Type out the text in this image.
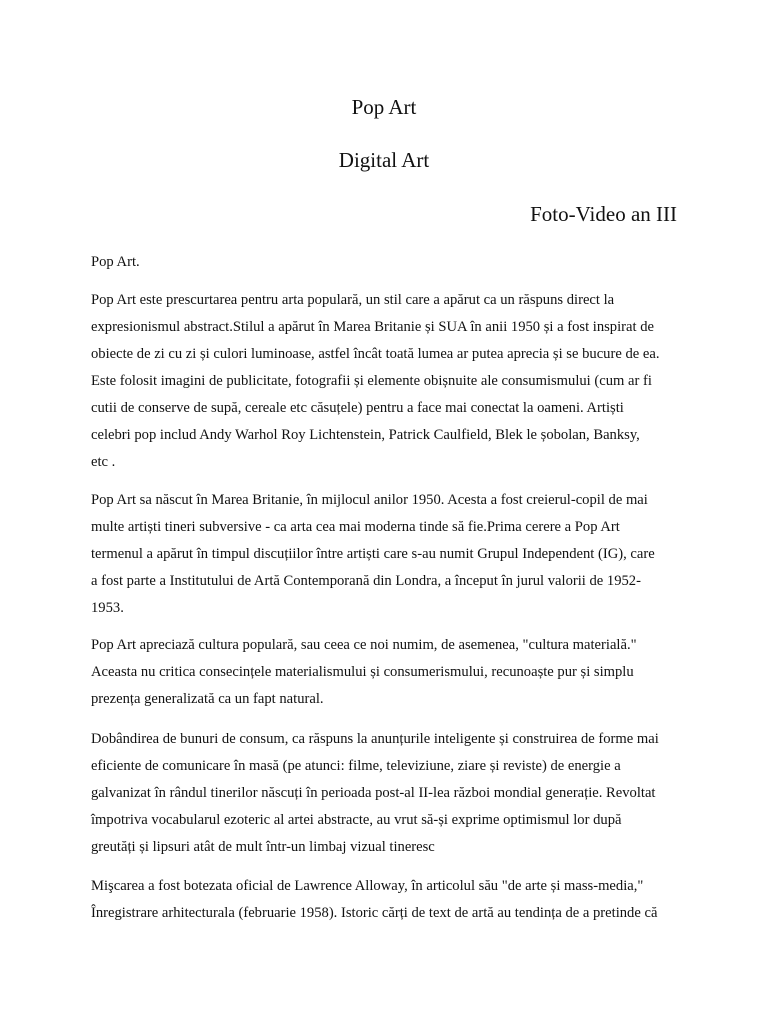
Pop Art
Digital Art
Foto-Video an III

Pop Art.

Pop Art este prescurtarea pentru arta populară, un stil care a apărut ca un răspuns direct la
expresionismul abstract.Stilul a apărut în Marea Britanie și SUA în anii 1950 și a fost inspirat de
obiecte de zi cu zi și culori luminoase, astfel încât toată lumea ar putea aprecia și se bucure de ea.
Este folosit imagini de publicitate, fotografii și elemente obișnuite ale consumismului (cum ar fi
cutii de conserve de supă, cereale etc căsuțele) pentru a face mai conectat la oameni. Artiști
celebri pop includ Andy Warhol Roy Lichtenstein, Patrick Caulfield, Blek le șobolan, Banksy,
etc .

Pop Art sa născut în Marea Britanie, în mijlocul anilor 1950. Acesta a fost creierul-copil de mai
multe artiști tineri subversive - ca arta cea mai moderna tinde să fie.Prima cerere a Pop Art
termenul a apărut în timpul discuțiilor între artiști care s-au numit Grupul Independent (IG), care
a fost parte a Institutului de Artă Contemporană din Londra, a început în jurul valorii de 1952-
1953.

Pop Art apreciază cultura populară, sau ceea ce noi numim, de asemenea, "cultura materială."
Aceasta nu critica consecințele materialismului și consumerismului, recunoaște pur și simplu
prezența generalizată ca un fapt natural.

Dobândirea de bunuri de consum, ca răspuns la anunțurile inteligente și construirea de forme mai
eficiente de comunicare în masă (pe atunci: filme, televiziune, ziare și reviste) de energie a
galvanizat în rândul tinerilor născuți în perioada post-al II-lea război mondial generație. Revoltat
împotriva vocabularul ezoteric al artei abstracte, au vrut să-și exprime optimismul lor după
greutăți și lipsuri atât de mult într-un limbaj vizual tineresc

Mişcarea a fost botezata oficial de Lawrence Alloway, în articolul său "de arte și mass-media,"
Înregistrare arhitecturala (februarie 1958). Istoric cărți de text de artă au tendința de a pretinde că
